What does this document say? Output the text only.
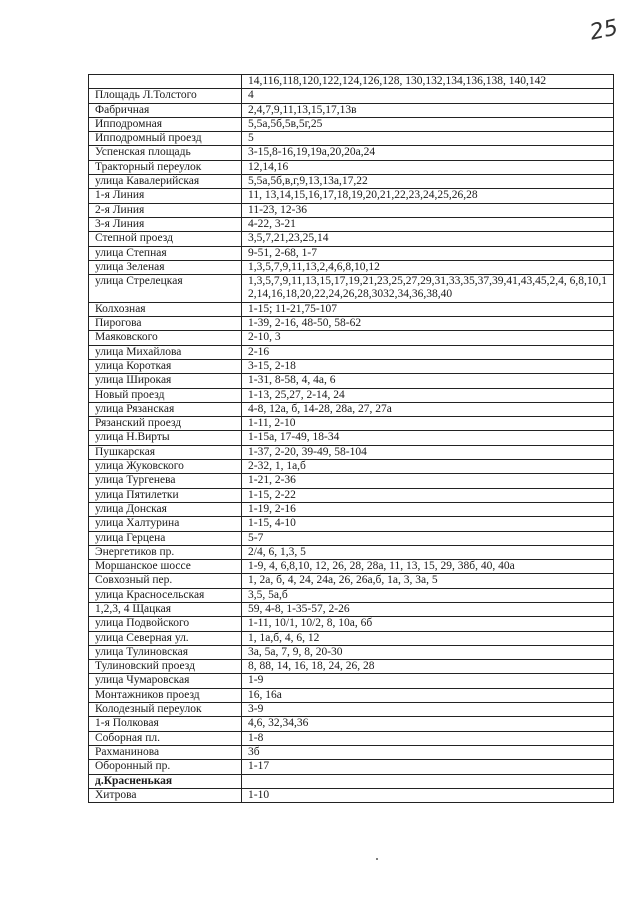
25
	14,116,118,120,122,124,126,128, 130,132,134,136,138, 140,142
Площадь Л.Толстого	4
Фабричная	2,4,7,9,11,13,15,17,13в
Ипподромная	5,5а,5б,5в,5г,25
Ипподромный проезд	5
Успенская площадь	3-15,8-16,19,19а,20,20а,24
Тракторный переулок	12,14,16
улица Кавалерийская	5,5а,5б,в,г,9,13,13а,17,22
1-я Линия	11, 13,14,15,16,17,18,19,20,21,22,23,24,25,26,28
2-я Линия	11-23, 12-36
3-я Линия	4-22, 3-21
Степной проезд	3,5,7,21,23,25,14
улица Степная	9-51, 2-68, 1-7
улица Зеленая	1,3,5,7,9,11,13,2,4,6,8,10,12
улица Стрелецкая	1,3,5,7,9,11,13,15,17,19,21,23,25,27,29,31,33,35,37,39,41,43,45,2,4, 6,8,10,12,14,16,18,20,22,24,26,28,3032,34,36,38,40
Колхозная	1-15; 11-21,75-107
Пирогова	1-39, 2-16, 48-50, 58-62
Маяковского	2-10, 3
улица Михайлова	2-16
улица Короткая	3-15, 2-18
улица Широкая	1-31, 8-58, 4, 4а, 6
Новый проезд	1-13, 25,27, 2-14, 24
улица Рязанская	4-8, 12а, б, 14-28, 28а, 27, 27а
Рязанский проезд	1-11, 2-10
улица Н.Вирты	1-15а, 17-49, 18-34
Пушкарская	1-37, 2-20, 39-49, 58-104
улица Жуковского	2-32, 1, 1а,б
улица Тургенева	1-21, 2-36
улица Пятилетки	1-15, 2-22
улица Донская	1-19, 2-16
улица Халтурина	1-15, 4-10
улица Герцена	5-7
Энергетиков пр.	2/4, 6, 1,3, 5
Моршанское шоссе	1-9, 4, 6,8,10, 12, 26, 28, 28а, 11, 13, 15, 29, 38б, 40, 40а
Совхозный пер.	1, 2а, б, 4, 24, 24а, 26, 26а,б, 1а, 3, 3а, 5
улица Красносельская	3,5, 5а,б
1,2,3, 4 Щацкая	59, 4-8, 1-35-57, 2-26
улица Подвойского	1-11, 10/1, 10/2, 8, 10а, 6б
улица Северная ул.	1, 1а,б, 4, 6, 12
улица Тулиновская	3а, 5а, 7, 9, 8, 20-30
Тулиновский проезд	8, 88, 14, 16, 18, 24, 26, 28
улица Чумаровская	1-9
Монтажников проезд	16, 16а
Колодезный переулок	3-9
1-я Полковая	4,6, 32,34,36
Соборная пл.	1-8
Рахманинова	3б
Оборонный пр.	1-17
д.Красненькая	
Хитрова	1-10
